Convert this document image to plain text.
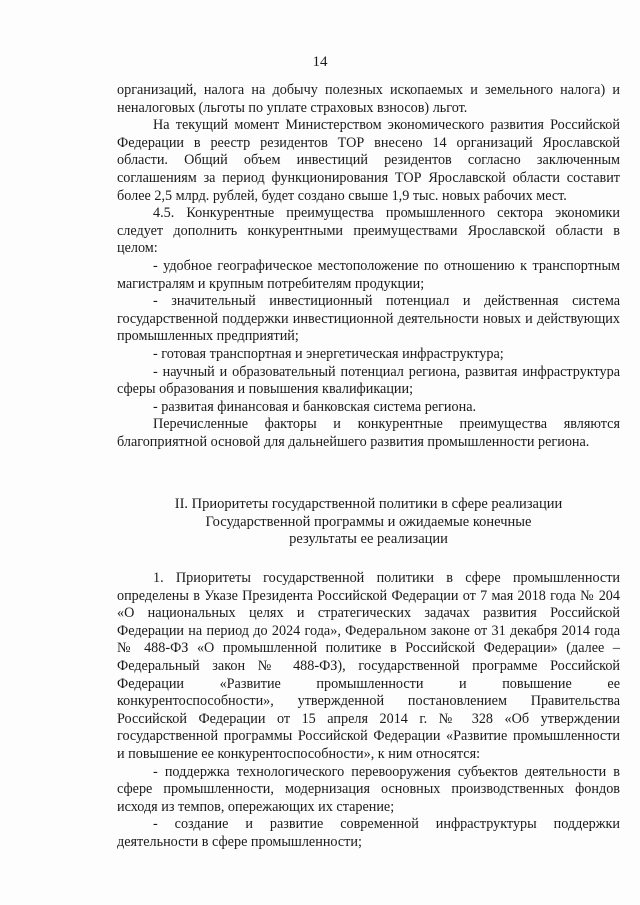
14

организаций, налога на добычу полезных ископаемых и земельного налога) и неналоговых (льготы по уплате страховых взносов) льгот.

На текущий момент Министерством экономического развития Российской Федерации в реестр резидентов ТОР внесено 14 организаций Ярославской области. Общий объем инвестиций резидентов согласно заключенным соглашениям за период функционирования ТОР Ярославской области составит более 2,5 млрд. рублей, будет создано свыше 1,9 тыс. новых рабочих мест.

4.5. Конкурентные преимущества промышленного сектора экономики следует дополнить конкурентными преимуществами Ярославской области в целом:

- удобное географическое местоположение по отношению к транспортным магистралям и крупным потребителям продукции;

- значительный инвестиционный потенциал и действенная система государственной поддержки инвестиционной деятельности новых и действующих промышленных предприятий;

- готовая транспортная и энергетическая инфраструктура;

- научный и образовательный потенциал региона, развитая инфраструктура сферы образования и повышения квалификации;

- развитая финансовая и банковская система региона.

Перечисленные факторы и конкурентные преимущества являются благоприятной основой для дальнейшего развития промышленности региона.

II. Приоритеты государственной политики в сфере реализации
Государственной программы и ожидаемые конечные
результаты ее реализации

1. Приоритеты государственной политики в сфере промышленности определены в Указе Президента Российской Федерации от 7 мая 2018 года № 204 «О национальных целях и стратегических задачах развития Российской Федерации на период до 2024 года», Федеральном законе от 31 декабря 2014 года № 488-ФЗ «О промышленной политике в Российской Федерации» (далее – Федеральный закон № 488-ФЗ), государственной программе Российской Федерации «Развитие промышленности и повышение ее конкурентоспособности», утвержденной постановлением Правительства Российской Федерации от 15 апреля 2014 г. № 328 «Об утверждении государственной программы Российской Федерации «Развитие промышленности и повышение ее конкурентоспособности», к ним относятся:

- поддержка технологического перевооружения субъектов деятельности в сфере промышленности, модернизация основных производственных фондов исходя из темпов, опережающих их старение;

- создание и развитие современной инфраструктуры поддержки деятельности в сфере промышленности;
